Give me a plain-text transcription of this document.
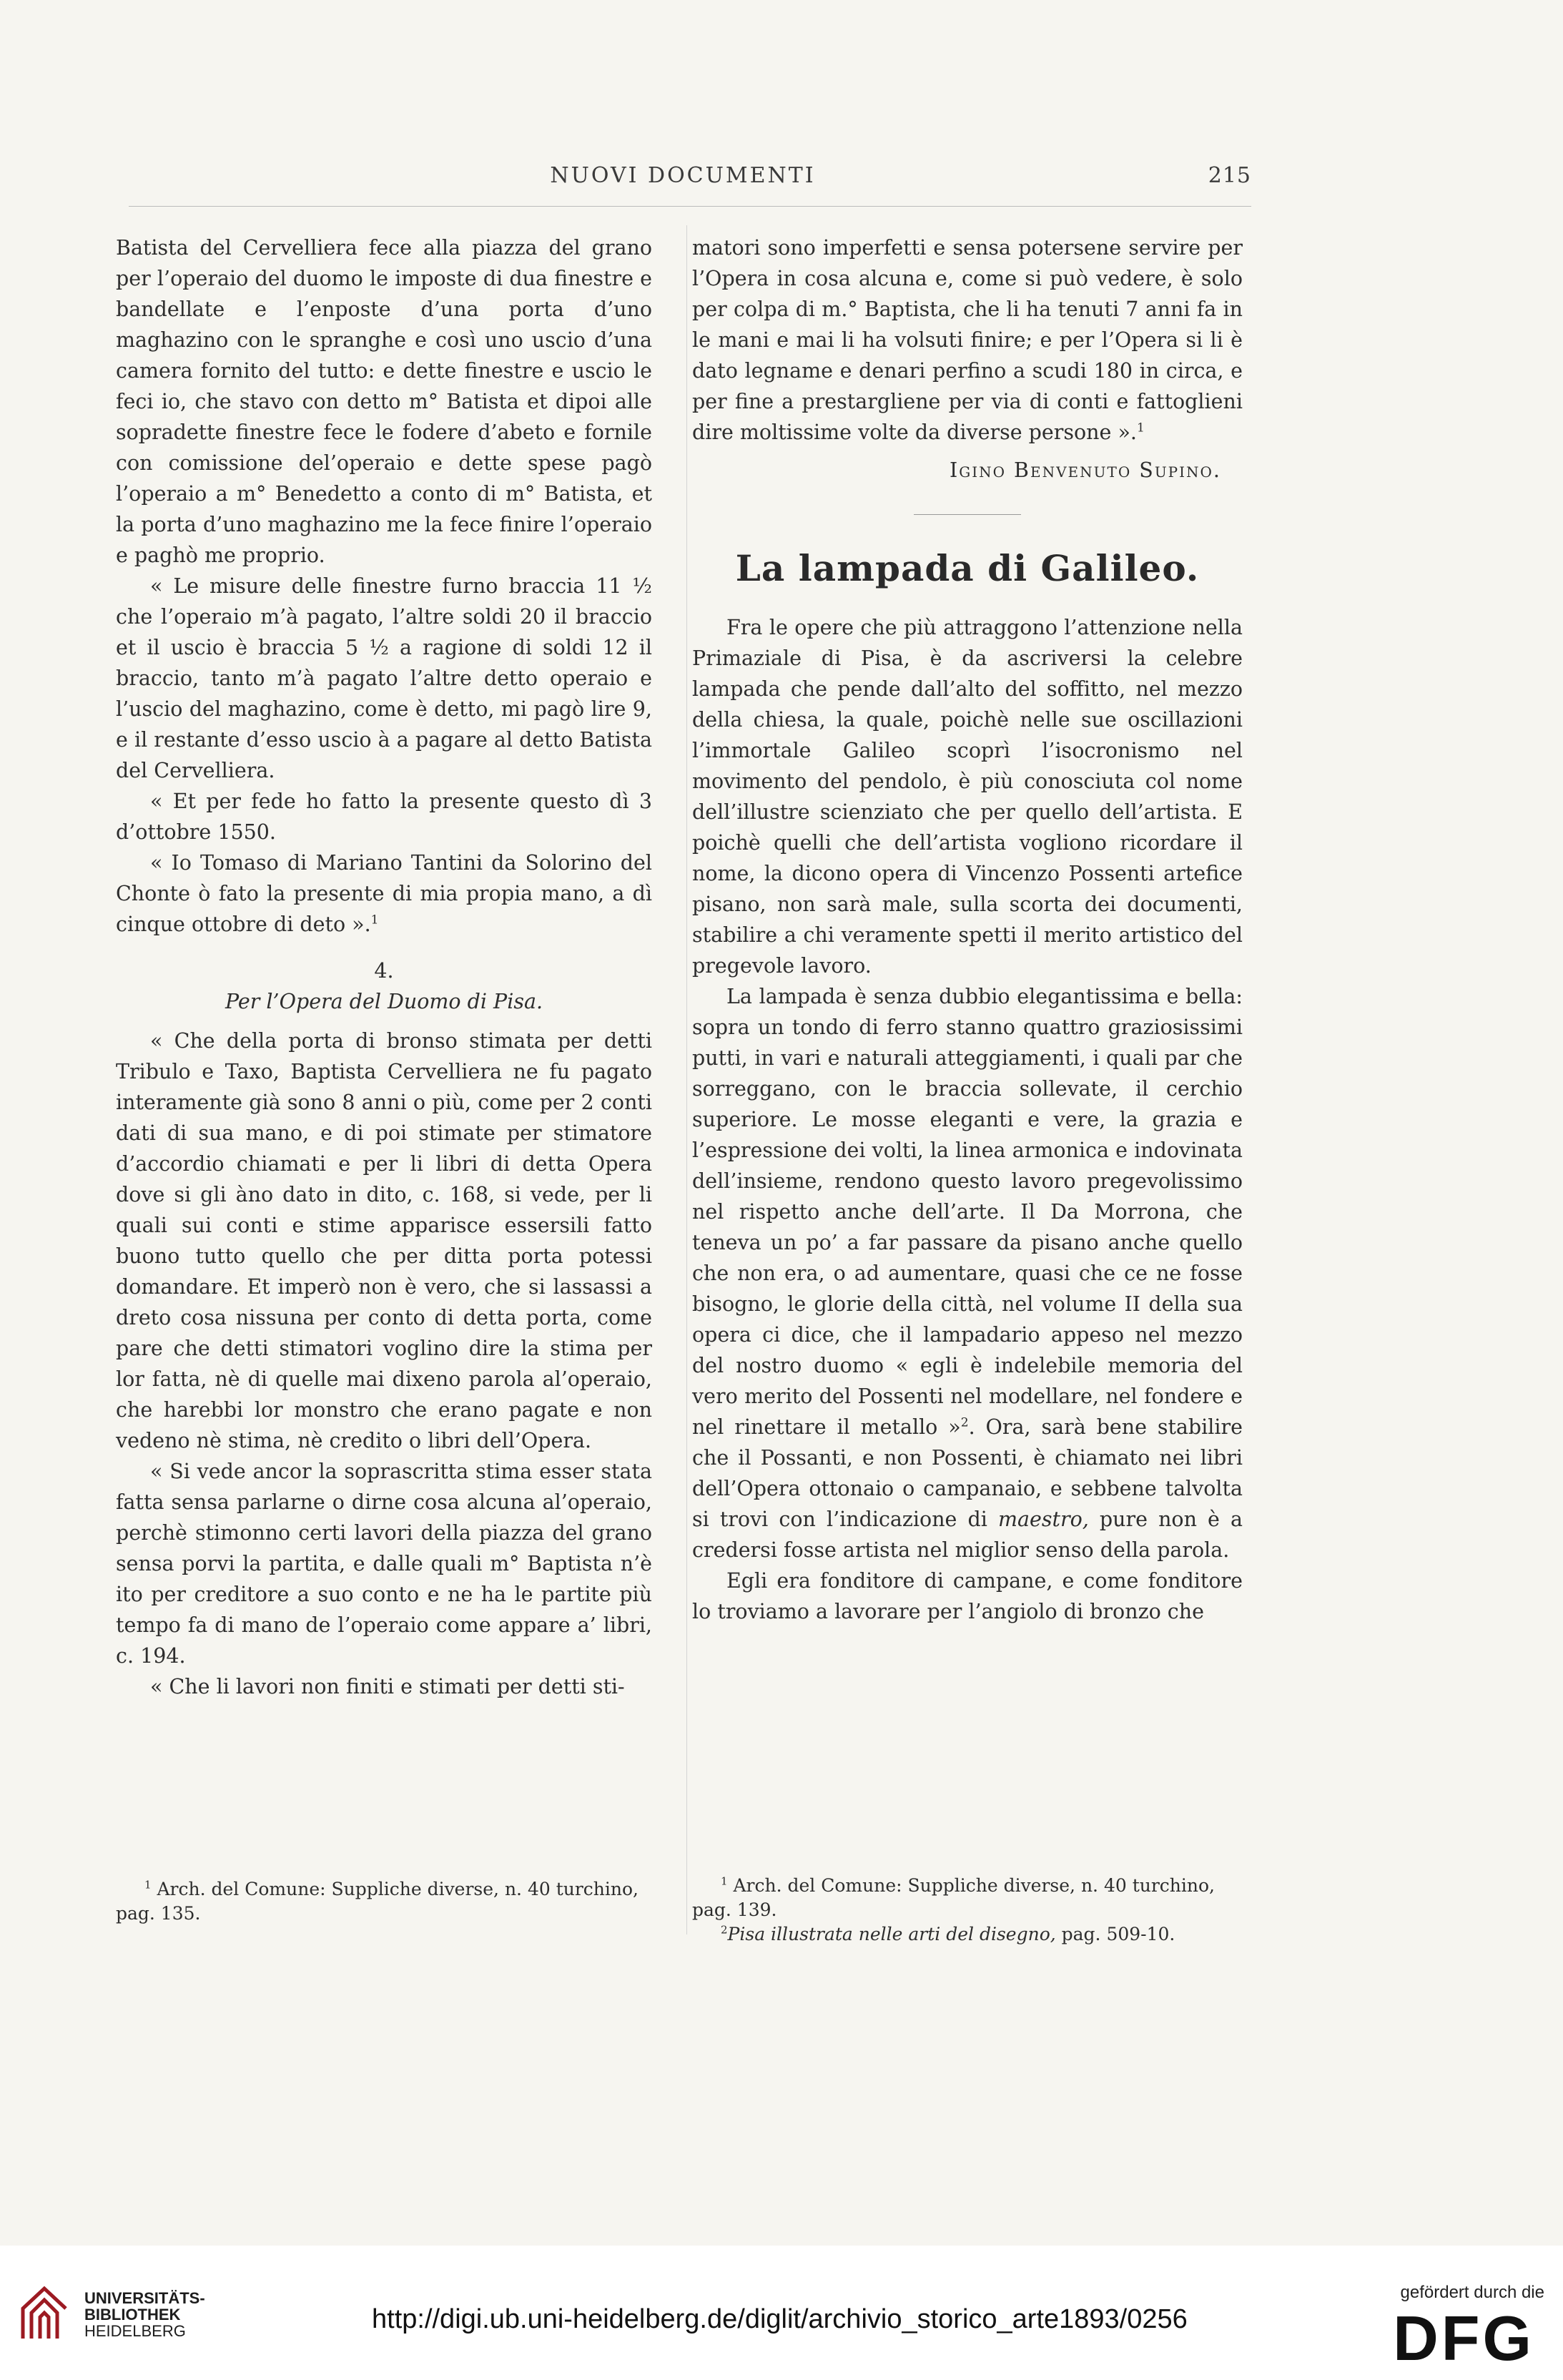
NUOVI DOCUMENTI	215

Batista del Cervelliera fece alla piazza del grano per l’operaio del duomo le imposte di dua finestre e bandellate e l’enposte d’una porta d’uno maghazino con le spranghe e così uno uscio d’una camera fornito del tutto: e dette finestre e uscio le feci io, che stavo con detto m° Batista et dipoi alle sopradette finestre fece le fodere d’abeto e fornile con comissione del’operaio e dette spese pagò l’operaio a m° Benedetto a conto di m° Batista, et la porta d’uno maghazino me la fece finire l’operaio e paghò me proprio.

« Le misure delle finestre furno braccia 11 ½ che l’operaio m’à pagato, l’altre soldi 20 il braccio et il uscio è braccia 5 ½ a ragione di soldi 12 il braccio, tanto m’à pagato l’altre detto operaio e l’uscio del maghazino, come è detto, mi pagò lire 9, e il restante d’esso uscio à a pagare al detto Batista del Cervelliera.

« Et per fede ho fatto la presente questo dì 3 d’ottobre 1550.

« Io Tomaso di Mariano Tantini da Solorino del Chonte ò fato la presente di mia propia mano, a dì cinque ottobre di deto ».$^1$

4.

Per l’Opera del Duomo di Pisa.

« Che della porta di bronso stimata per detti Tribulo e Taxo, Baptista Cervelliera ne fu pagato interamente già sono 8 anni o più, come per 2 conti dati di sua mano, e di poi stimate per stimatore d’accordio chiamati e per li libri di detta Opera dove si gli àno dato in dito, c. 168, si vede, per li quali sui conti e stime apparisce essersili fatto buono tutto quello che per ditta porta potessi domandare. Et imperò non è vero, che si lassassi a dreto cosa nissuna per conto di detta porta, come pare che detti stimatori voglino dire la stima per lor fatta, nè di quelle mai dixeno parola al’operaio, che harebbi lor monstro che erano pagate e non vedeno nè stima, nè credito o libri dell’Opera.

« Si vede ancor la soprascritta stima esser stata fatta sensa parlarne o dirne cosa alcuna al’operaio, perchè stimonno certi lavori della piazza del grano sensa porvi la partita, e dalle quali m° Baptista n’è ito per creditore a suo conto e ne ha le partite più tempo fa di mano de l’operaio come appare a’ libri, c. 194.

« Che li lavori non finiti e stimati per detti sti-

matori sono imperfetti e sensa potersene servire per l’Opera in cosa alcuna e, come si può vedere, è solo per colpa di m.° Baptista, che li ha tenuti 7 anni fa in le mani e mai li ha volsuti finire; e per l’Opera si li è dato legname e denari perfino a scudi 180 in circa, e per fine a prestargliene per via di conti e fattoglieni dire moltissime volte da diverse persone ».$^1$

Igino Benvenuto Supino.

La lampada di Galileo.

Fra le opere che più attraggono l’attenzione nella Primaziale di Pisa, è da ascriversi la celebre lampada che pende dall’alto del soffitto, nel mezzo della chiesa, la quale, poichè nelle sue oscillazioni l’immortale Galileo scoprì l’isocronismo nel movimento del pendolo, è più conosciuta col nome dell’illustre scienziato che per quello dell’artista. E poichè quelli che dell’artista vogliono ricordare il nome, la dicono opera di Vincenzo Possenti artefice pisano, non sarà male, sulla scorta dei documenti, stabilire a chi veramente spetti il merito artistico del pregevole lavoro.

La lampada è senza dubbio elegantissima e bella: sopra un tondo di ferro stanno quattro graziosissimi putti, in vari e naturali atteggiamenti, i quali par che sorreggano, con le braccia sollevate, il cerchio superiore. Le mosse eleganti e vere, la grazia e l’espressione dei volti, la linea armonica e indovinata dell’insieme, rendono questo lavoro pregevolissimo nel rispetto anche dell’arte. Il Da Morrona, che teneva un po’ a far passare da pisano anche quello che non era, o ad aumentare, quasi che ce ne fosse bisogno, le glorie della città, nel volume II della sua opera ci dice, che il lampadario appeso nel mezzo del nostro duomo « egli è indelebile memoria del vero merito del Possenti nel modellare, nel fondere e nel rinettare il metallo »$^2$. Ora, sarà bene stabilire che il Possanti, e non Possenti, è chiamato nei libri dell’Opera ottonaio o campanaio, e sebbene talvolta si trovi con l’indicazione di maestro, pure non è a credersi fosse artista nel miglior senso della parola.

Egli era fonditore di campane, e come fonditore lo troviamo a lavorare per l’angiolo di bronzo che

$^1$ Arch. del Comune: Suppliche diverse, n. 40 turchino, pag. 135.

$^1$ Arch. del Comune: Suppliche diverse, n. 40 turchino, pag. 139.

$^2$Pisa illustrata nelle arti del disegno, pag. 509-10.

UNIVERSITÄTS-
BIBLIOTHEK
HEIDELBERG	http://digi.ub.uni-heidelberg.de/diglit/archivio_storico_arte1893/0256
gefördert durch die
DFG
